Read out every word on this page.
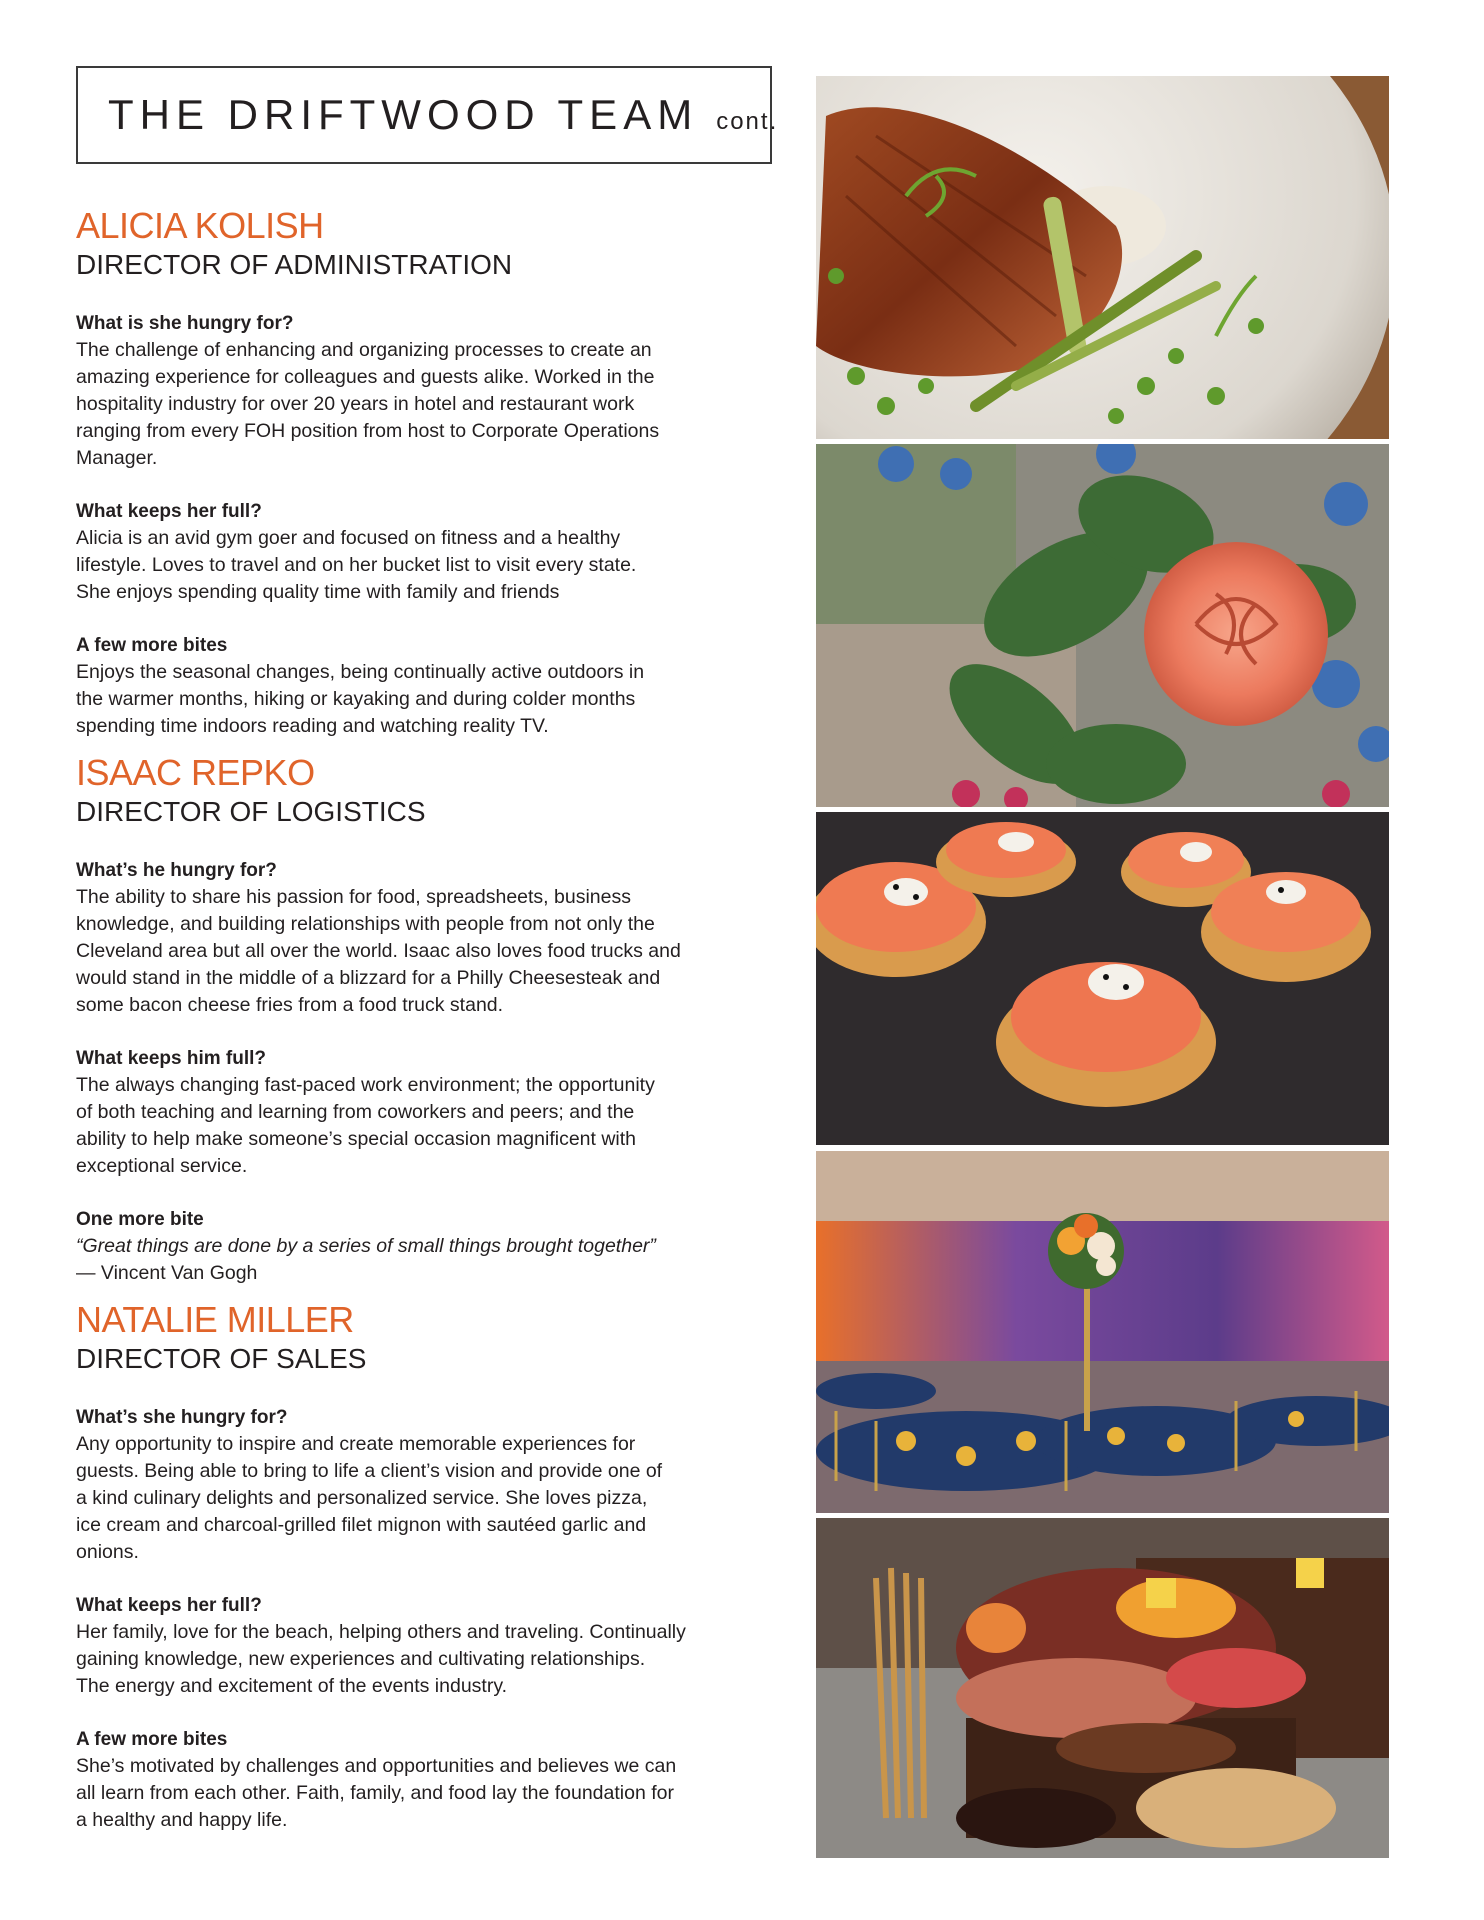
THE DRIFTWOOD TEAM cont.
ALICIA KOLISH
DIRECTOR OF ADMINISTRATION
What is she hungry for?
The challenge of enhancing and organizing processes to create an
amazing experience for colleagues and guests alike. Worked in the
hospitality industry for over 20 years in hotel and restaurant work
ranging from every FOH position from host to Corporate Operations
Manager.
What keeps her full?
Alicia is an avid gym goer and focused on fitness and a healthy
lifestyle. Loves to travel and on her bucket list to visit every state.
She enjoys spending quality time with family and friends
A few more bites
Enjoys the seasonal changes, being continually active outdoors in
the warmer months, hiking or kayaking and during colder months
spending time indoors reading and watching reality TV.
ISAAC REPKO
DIRECTOR OF LOGISTICS
What’s he hungry for?
The ability to share his passion for food, spreadsheets, business
knowledge, and building relationships with people from not only the
Cleveland area but all over the world. Isaac also loves food trucks and
would stand in the middle of a blizzard for a Philly Cheesesteak and
some bacon cheese fries from a food truck stand.
What keeps him full?
The always changing fast-paced work environment; the opportunity
of both teaching and learning from coworkers and peers; and the
ability to help make someone’s special occasion magnificent with
exceptional service.
One more bite
“Great things are done by a series of small things brought together”
— Vincent Van Gogh
NATALIE MILLER
DIRECTOR OF SALES
What’s she hungry for?
Any opportunity to inspire and create memorable experiences for
guests. Being able to bring to life a client’s vision and provide one of
a kind culinary delights and personalized service. She loves pizza,
ice cream and charcoal-grilled filet mignon with sautéed garlic and
onions.
What keeps her full?
Her family, love for the beach, helping others and traveling. Continually
gaining knowledge, new experiences and cultivating relationships.
The energy and excitement of the events industry.
A few more bites
She’s motivated by challenges and opportunities and believes we can
all learn from each other. Faith, family, and food lay the foundation for
a healthy and happy life.
